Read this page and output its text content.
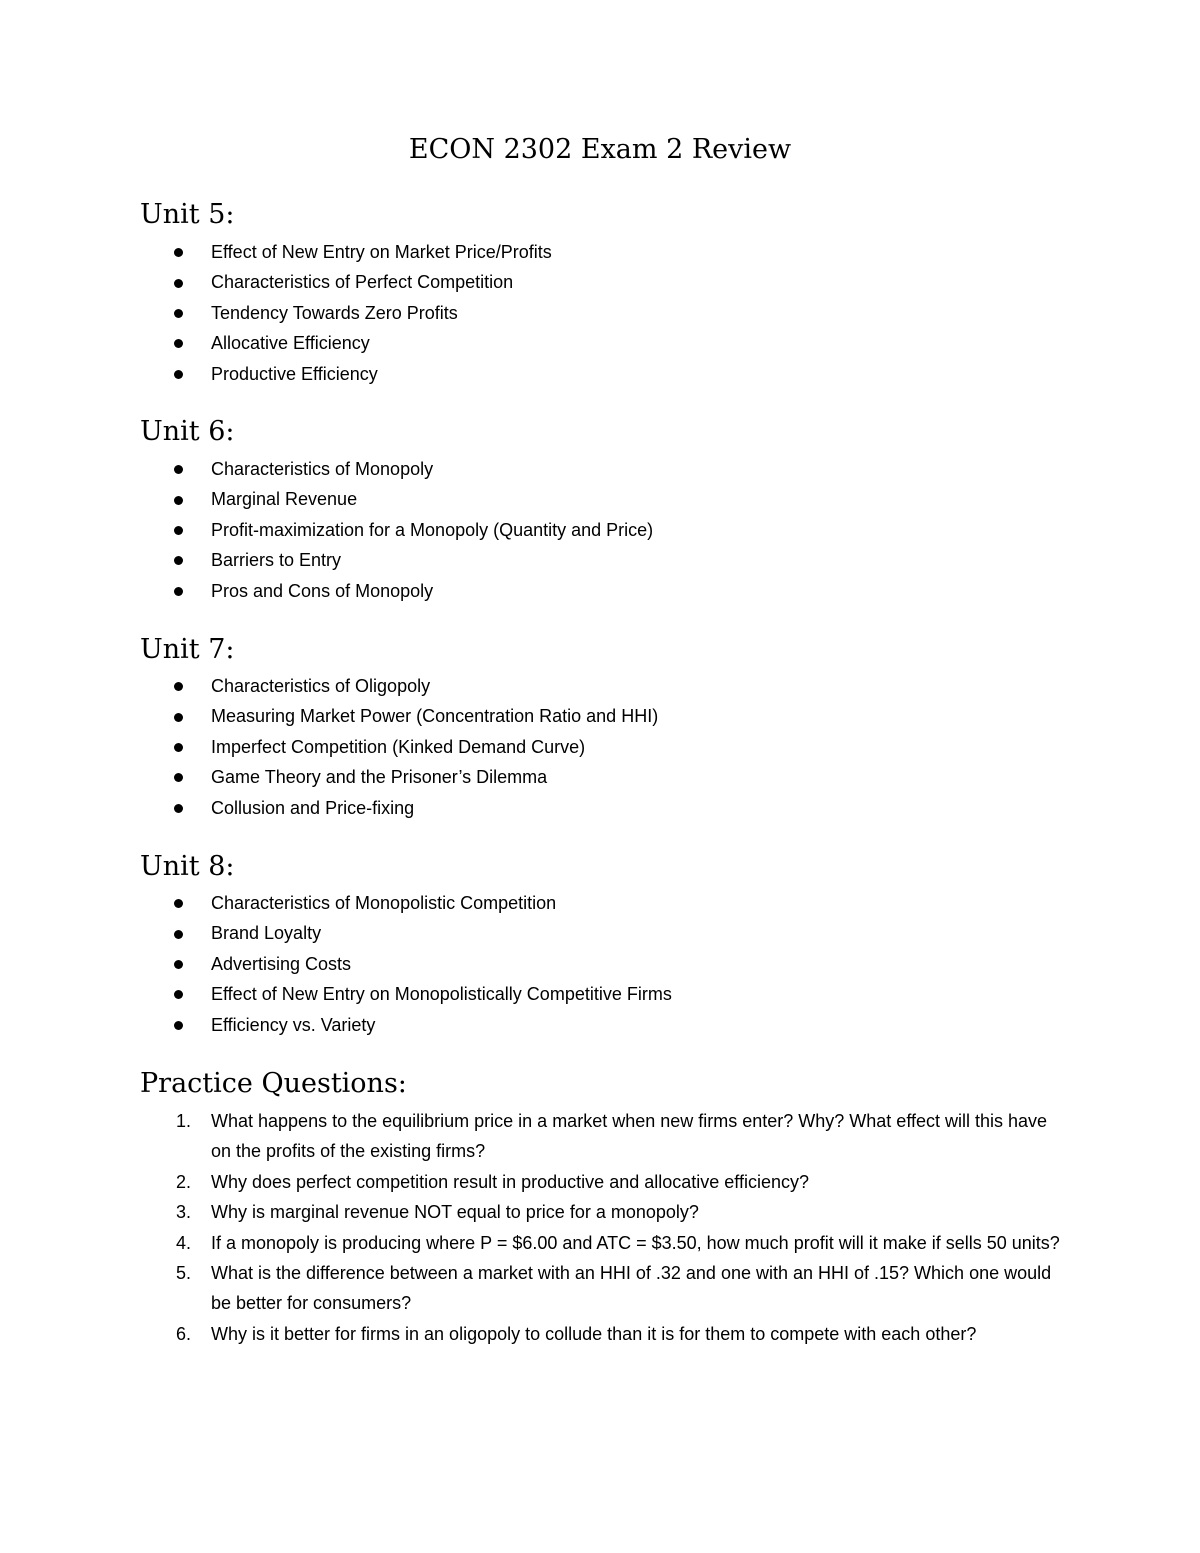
ECON 2302 Exam 2 Review
Unit 5:
Effect of New Entry on Market Price/Profits
Characteristics of Perfect Competition
Tendency Towards Zero Profits
Allocative Efficiency
Productive Efficiency
Unit 6:
Characteristics of Monopoly
Marginal Revenue
Profit-maximization for a Monopoly (Quantity and Price)
Barriers to Entry
Pros and Cons of Monopoly
Unit 7:
Characteristics of Oligopoly
Measuring Market Power (Concentration Ratio and HHI)
Imperfect Competition (Kinked Demand Curve)
Game Theory and the Prisoner’s Dilemma
Collusion and Price-fixing
Unit 8:
Characteristics of Monopolistic Competition
Brand Loyalty
Advertising Costs
Effect of New Entry on Monopolistically Competitive Firms
Efficiency vs. Variety
Practice Questions:
1. What happens to the equilibrium price in a market when new firms enter? Why? What effect will this have on the profits of the existing firms?
2. Why does perfect competition result in productive and allocative efficiency?
3. Why is marginal revenue NOT equal to price for a monopoly?
4. If a monopoly is producing where P = $6.00 and ATC = $3.50, how much profit will it make if sells 50 units?
5. What is the difference between a market with an HHI of .32 and one with an HHI of .15? Which one would be better for consumers?
6. Why is it better for firms in an oligopoly to collude than it is for them to compete with each other?
